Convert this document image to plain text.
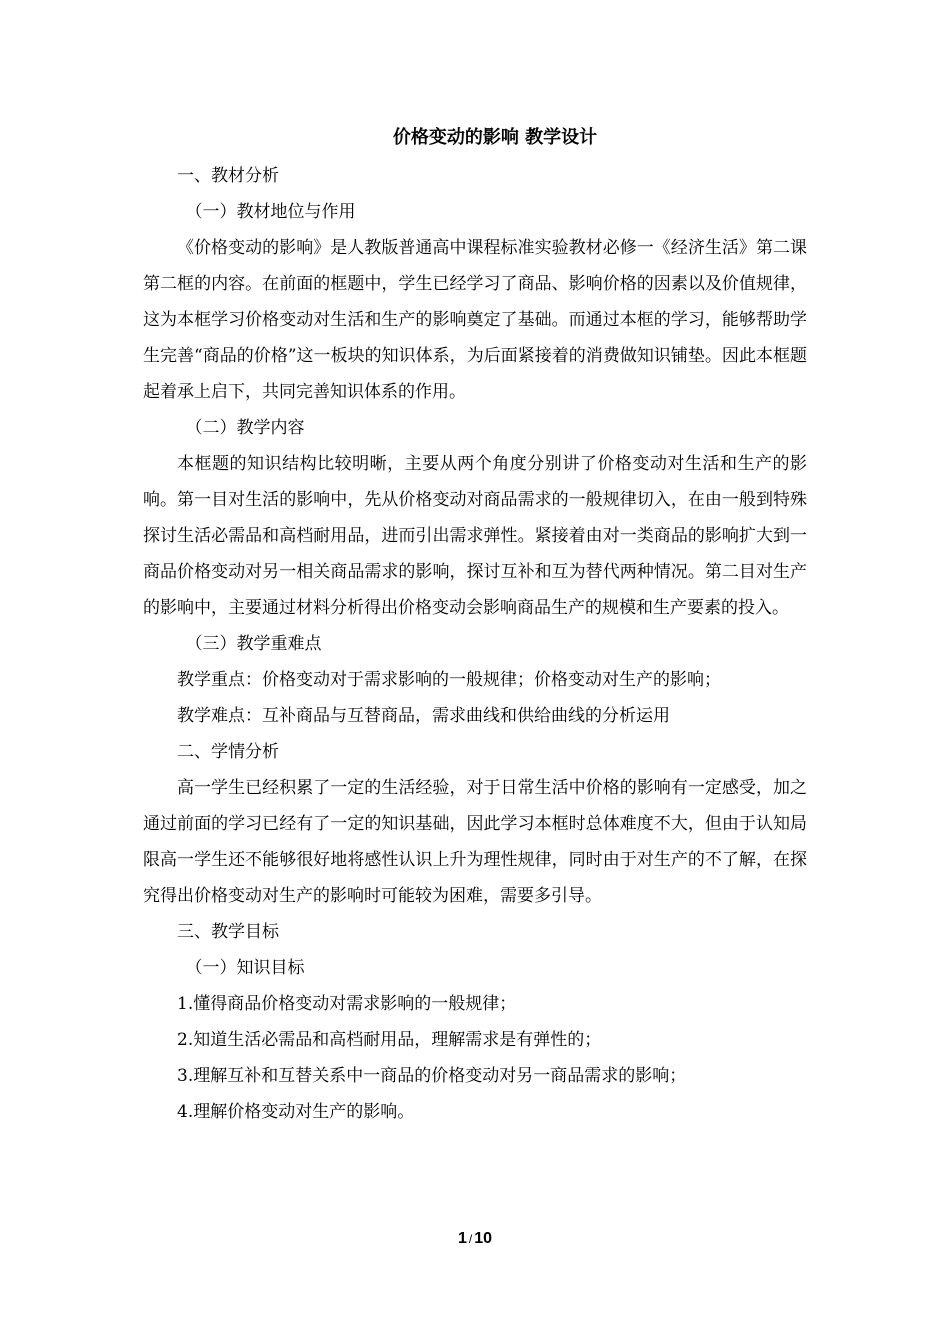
价格变动的影响 教学设计

一、教材分析

（一）教材地位与作用

《价格变动的影响》是人教版普通高中课程标准实验教材必修一《经济生活》第二课第二框的内容。在前面的框题中，学生已经学习了商品、影响价格的因素以及价值规律，这为本框学习价格变动对生活和生产的影响奠定了基础。而通过本框的学习，能够帮助学生完善“商品的价格”这一板块的知识体系，为后面紧接着的消费做知识铺垫。因此本框题起着承上启下，共同完善知识体系的作用。

（二）教学内容

本框题的知识结构比较明晰，主要从两个角度分别讲了价格变动对生活和生产的影响。第一目对生活的影响中，先从价格变动对商品需求的一般规律切入，在由一般到特殊探讨生活必需品和高档耐用品，进而引出需求弹性。紧接着由对一类商品的影响扩大到一商品价格变动对另一相关商品需求的影响，探讨互补和互为替代两种情况。第二目对生产的影响中，主要通过材料分析得出价格变动会影响商品生产的规模和生产要素的投入。

（三）教学重难点

教学重点：价格变动对于需求影响的一般规律；价格变动对生产的影响；

教学难点：互补商品与互替商品，需求曲线和供给曲线的分析运用

二、学情分析

高一学生已经积累了一定的生活经验，对于日常生活中价格的影响有一定感受，加之通过前面的学习已经有了一定的知识基础，因此学习本框时总体难度不大，但由于认知局限高一学生还不能够很好地将感性认识上升为理性规律，同时由于对生产的不了解，在探究得出价格变动对生产的影响时可能较为困难，需要多引导。

三、教学目标

（一）知识目标

1.懂得商品价格变动对需求影响的一般规律；

2.知道生活必需品和高档耐用品，理解需求是有弹性的；

3.理解互补和互替关系中一商品的价格变动对另一商品需求的影响；

4.理解价格变动对生产的影响。

1 / 10
